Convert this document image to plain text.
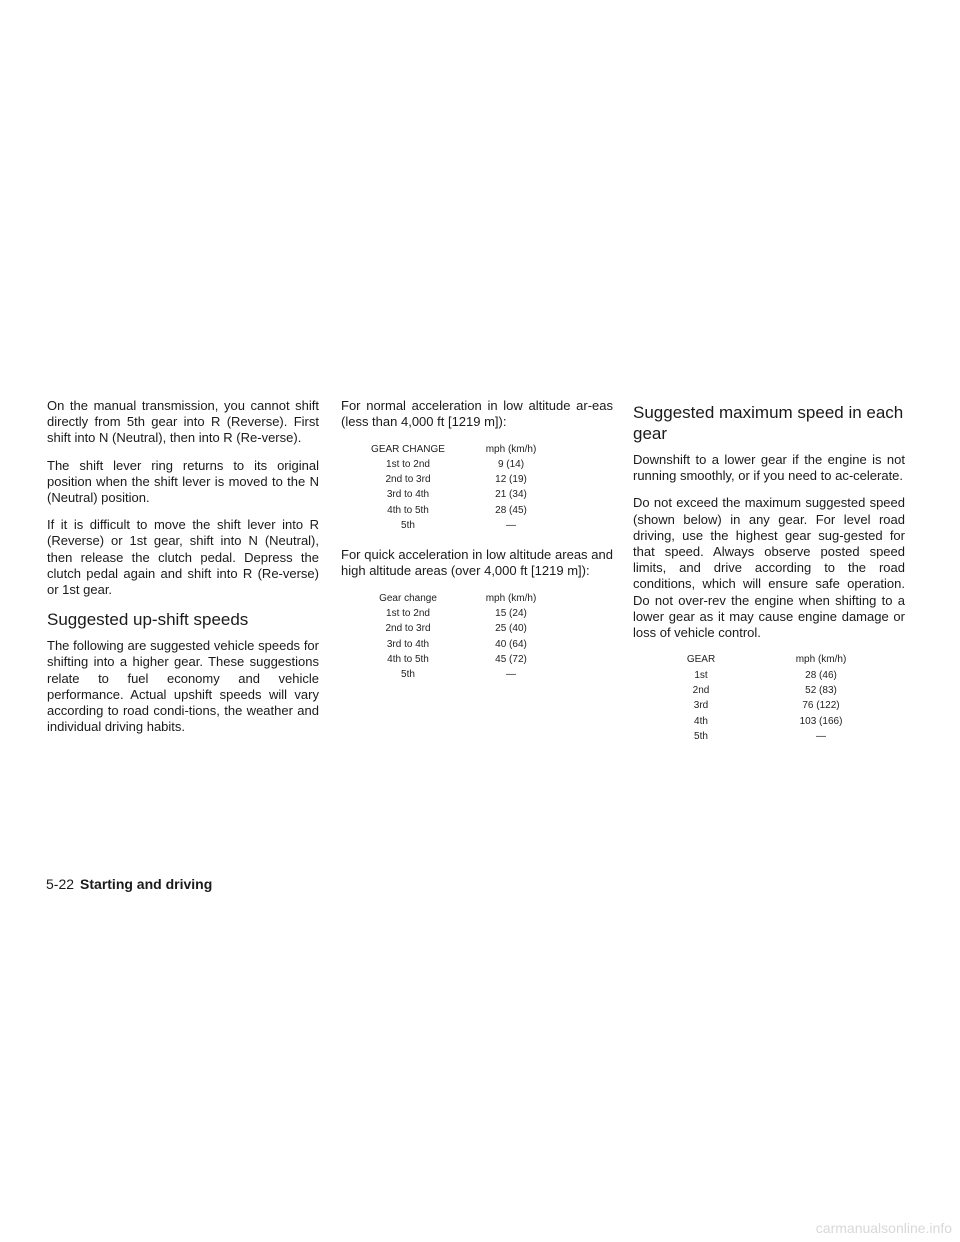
On the manual transmission, you cannot shift directly from 5th gear into R (Reverse). First shift into N (Neutral), then into R (Re-verse).

The shift lever ring returns to its original position when the shift lever is moved to the N (Neutral) position.

If it is difficult to move the shift lever into R (Reverse) or 1st gear, shift into N (Neutral), then release the clutch pedal. Depress the clutch pedal again and shift into R (Re-verse) or 1st gear.

Suggested up-shift speeds

The following are suggested vehicle speeds for shifting into a higher gear. These suggestions relate to fuel economy and vehicle performance. Actual upshift speeds will vary according to road condi-tions, the weather and individual driving habits.

For normal acceleration in low altitude ar-eas (less than 4,000 ft [1219 m]):

GEAR CHANGE	mph (km/h)
1st to 2nd	9 (14)
2nd to 3rd	12 (19)
3rd to 4th	21 (34)
4th to 5th	28 (45)
5th	—

For quick acceleration in low altitude areas and high altitude areas (over 4,000 ft [1219 m]):

Gear change	mph (km/h)
1st to 2nd	15 (24)
2nd to 3rd	25 (40)
3rd to 4th	40 (64)
4th to 5th	45 (72)
5th	—
Suggested maximum speed in each gear

Downshift to a lower gear if the engine is not running smoothly, or if you need to ac-celerate.

Do not exceed the maximum suggested speed (shown below) in any gear. For level road driving, use the highest gear sug-gested for that speed. Always observe posted speed limits, and drive according to the road conditions, which will ensure safe operation. Do not over-rev the engine when shifting to a lower gear as it may cause engine damage or loss of vehicle control.

GEAR	mph (km/h)
1st	28 (46)
2nd	52 (83)
3rd	76 (122)
4th	103 (166)
5th	—
5-22 Starting and driving
carmanualsonline.info
